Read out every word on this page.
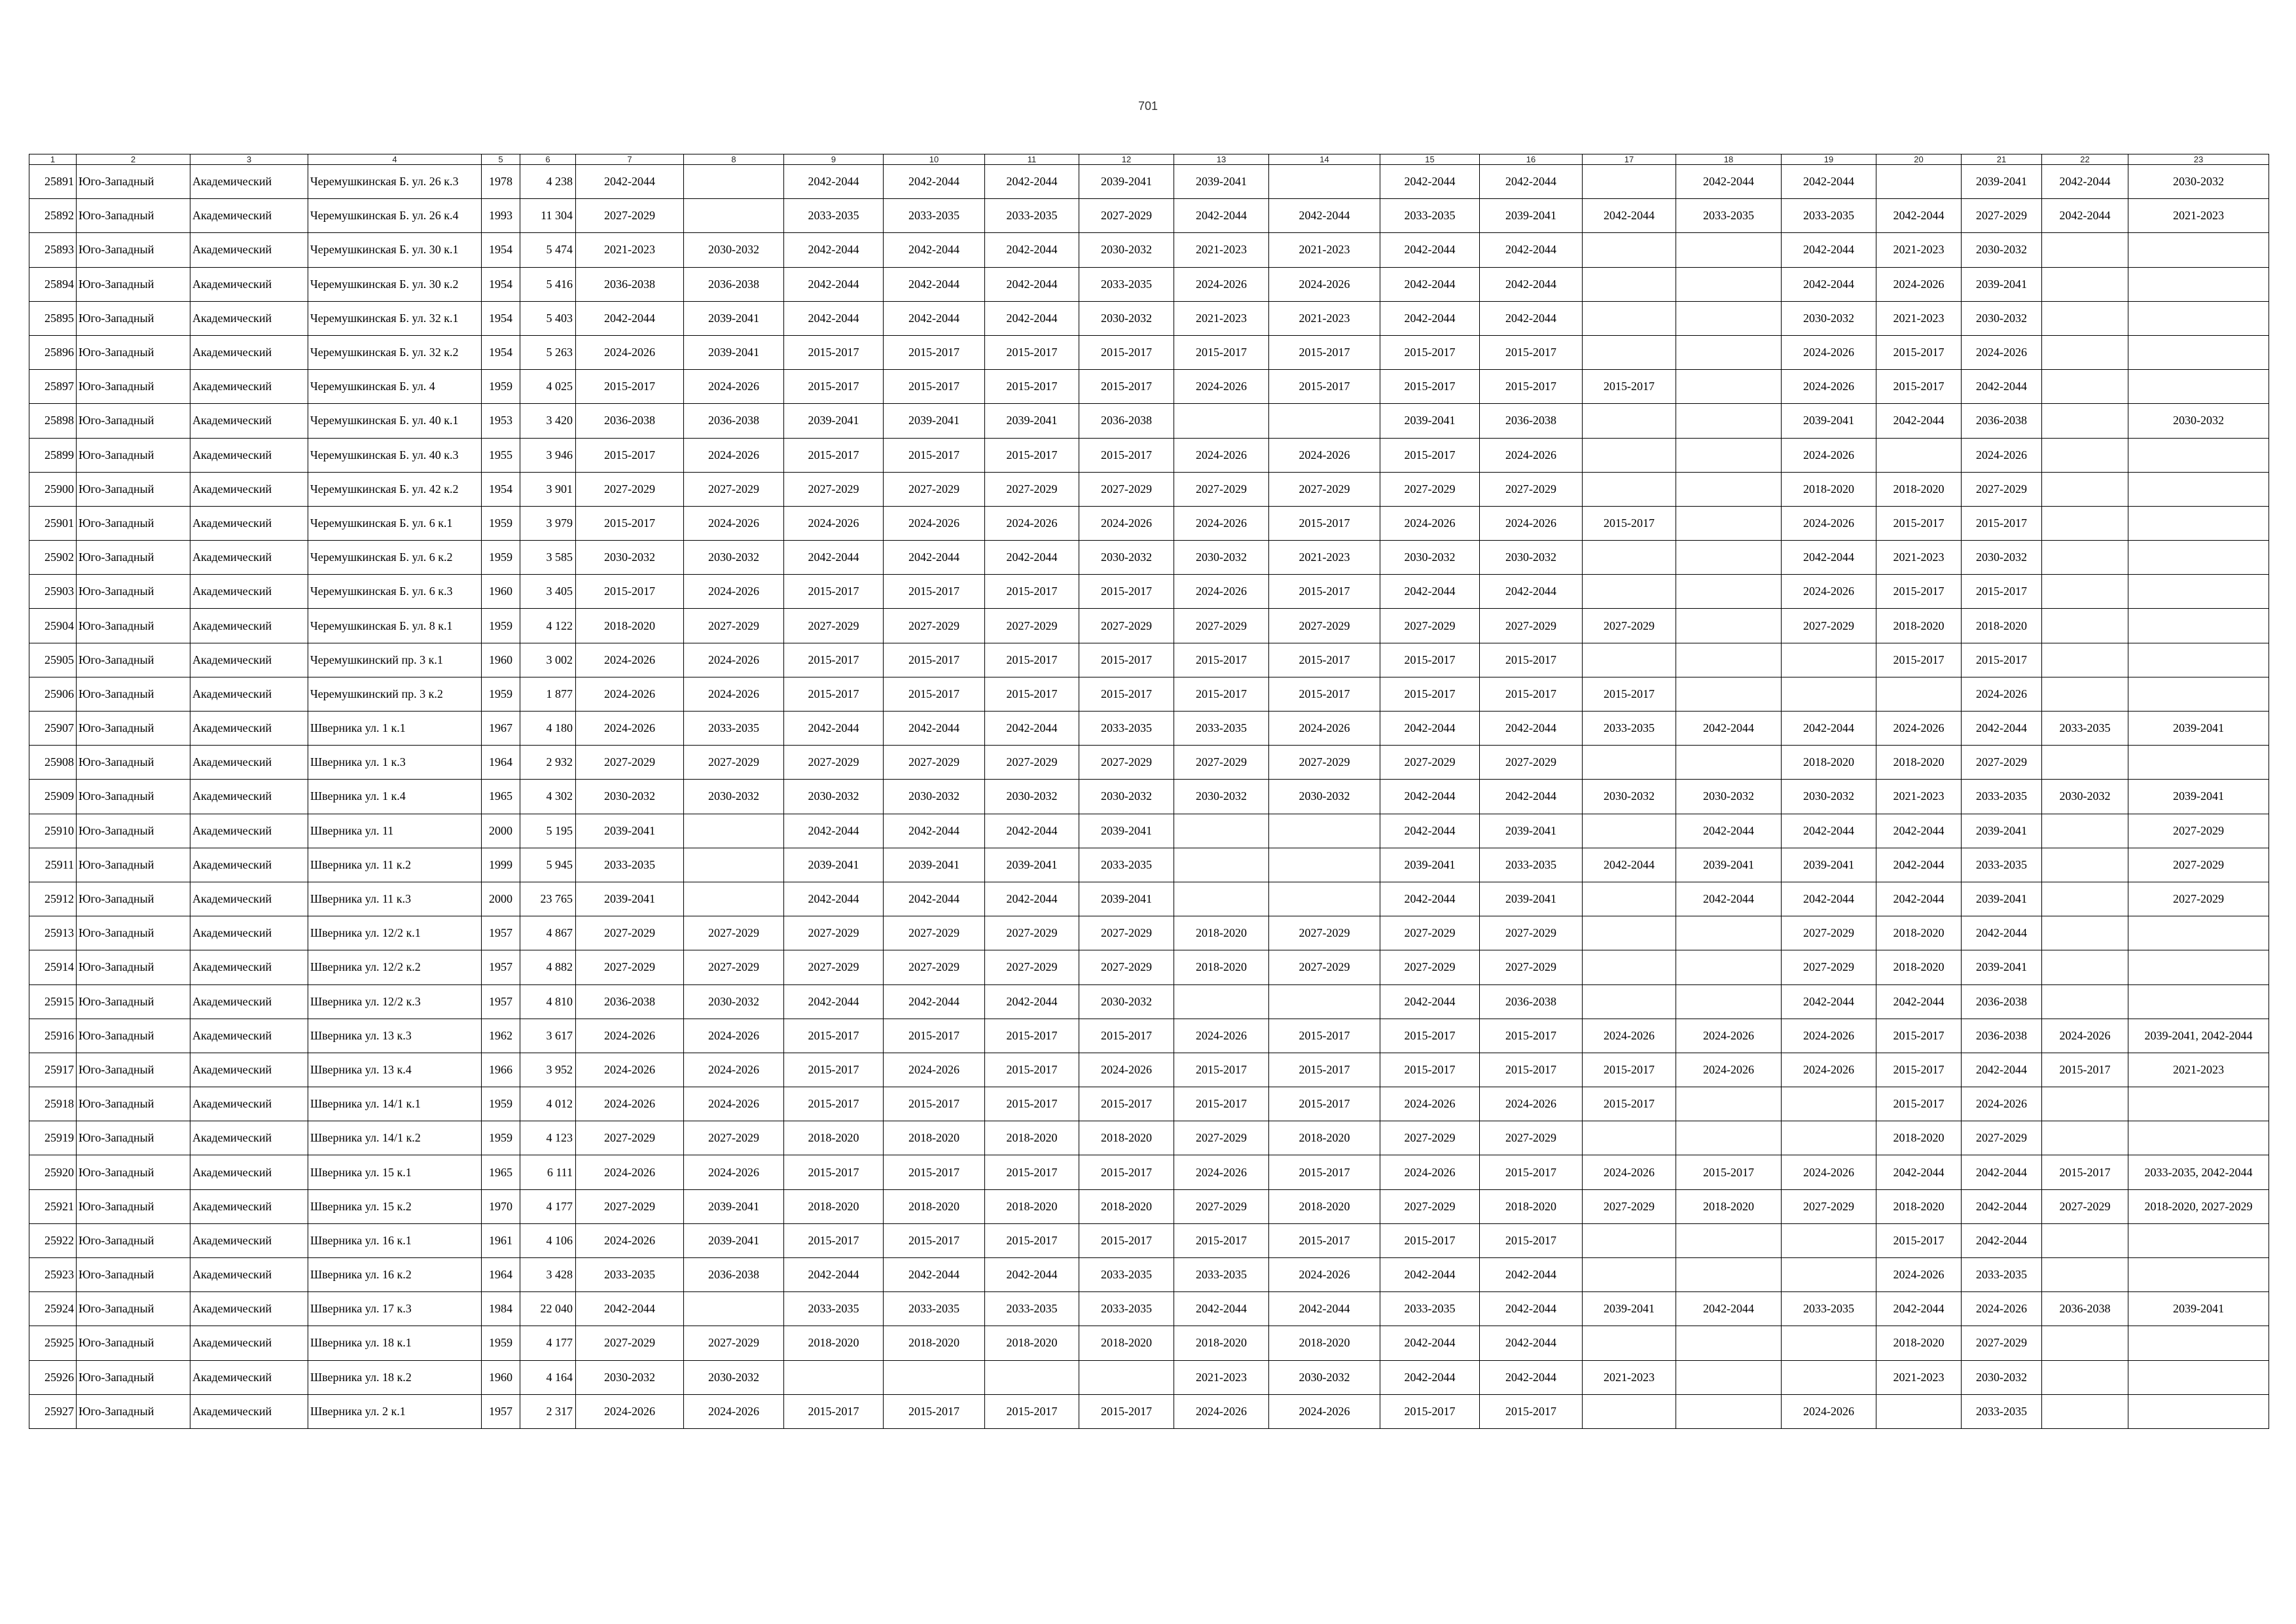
701
1	2	3	4	5	6	7	8	9	10	11	12	13	14	15	16	17	18	19	20	21	22	23
25891	Юго-Западный	Академический	Черемушкинская Б. ул. 26 к.3	1978	4 238	2042-2044		2042-2044	2042-2044	2042-2044	2039-2041	2039-2041		2042-2044	2042-2044		2042-2044	2042-2044		2039-2041	2042-2044	2030-2032
25892	Юго-Западный	Академический	Черемушкинская Б. ул. 26 к.4	1993	11 304	2027-2029		2033-2035	2033-2035	2033-2035	2027-2029	2042-2044	2042-2044	2033-2035	2039-2041	2042-2044	2033-2035	2033-2035	2042-2044	2027-2029	2042-2044	2021-2023
25893	Юго-Западный	Академический	Черемушкинская Б. ул. 30 к.1	1954	5 474	2021-2023	2030-2032	2042-2044	2042-2044	2042-2044	2030-2032	2021-2023	2021-2023	2042-2044	2042-2044			2042-2044	2021-2023	2030-2032		
25894	Юго-Западный	Академический	Черемушкинская Б. ул. 30 к.2	1954	5 416	2036-2038	2036-2038	2042-2044	2042-2044	2042-2044	2033-2035	2024-2026	2024-2026	2042-2044	2042-2044			2042-2044	2024-2026	2039-2041		
25895	Юго-Западный	Академический	Черемушкинская Б. ул. 32 к.1	1954	5 403	2042-2044	2039-2041	2042-2044	2042-2044	2042-2044	2030-2032	2021-2023	2021-2023	2042-2044	2042-2044			2030-2032	2021-2023	2030-2032		
25896	Юго-Западный	Академический	Черемушкинская Б. ул. 32 к.2	1954	5 263	2024-2026	2039-2041	2015-2017	2015-2017	2015-2017	2015-2017	2015-2017	2015-2017	2015-2017	2015-2017			2024-2026	2015-2017	2024-2026		
25897	Юго-Западный	Академический	Черемушкинская Б. ул. 4	1959	4 025	2015-2017	2024-2026	2015-2017	2015-2017	2015-2017	2015-2017	2024-2026	2015-2017	2015-2017	2015-2017	2015-2017		2024-2026	2015-2017	2042-2044		
25898	Юго-Западный	Академический	Черемушкинская Б. ул. 40 к.1	1953	3 420	2036-2038	2036-2038	2039-2041	2039-2041	2039-2041	2036-2038			2039-2041	2036-2038			2039-2041	2042-2044	2036-2038		2030-2032
25899	Юго-Западный	Академический	Черемушкинская Б. ул. 40 к.3	1955	3 946	2015-2017	2024-2026	2015-2017	2015-2017	2015-2017	2015-2017	2024-2026	2024-2026	2015-2017	2024-2026			2024-2026		2024-2026		
25900	Юго-Западный	Академический	Черемушкинская Б. ул. 42 к.2	1954	3 901	2027-2029	2027-2029	2027-2029	2027-2029	2027-2029	2027-2029	2027-2029	2027-2029	2027-2029	2027-2029			2018-2020	2018-2020	2027-2029		
25901	Юго-Западный	Академический	Черемушкинская Б. ул. 6 к.1	1959	3 979	2015-2017	2024-2026	2024-2026	2024-2026	2024-2026	2024-2026	2024-2026	2015-2017	2024-2026	2024-2026	2015-2017		2024-2026	2015-2017	2015-2017		
25902	Юго-Западный	Академический	Черемушкинская Б. ул. 6 к.2	1959	3 585	2030-2032	2030-2032	2042-2044	2042-2044	2042-2044	2030-2032	2030-2032	2021-2023	2030-2032	2030-2032			2042-2044	2021-2023	2030-2032		
25903	Юго-Западный	Академический	Черемушкинская Б. ул. 6 к.3	1960	3 405	2015-2017	2024-2026	2015-2017	2015-2017	2015-2017	2015-2017	2024-2026	2015-2017	2042-2044	2042-2044			2024-2026	2015-2017	2015-2017		
25904	Юго-Западный	Академический	Черемушкинская Б. ул. 8 к.1	1959	4 122	2018-2020	2027-2029	2027-2029	2027-2029	2027-2029	2027-2029	2027-2029	2027-2029	2027-2029	2027-2029	2027-2029		2027-2029	2018-2020	2018-2020		
25905	Юго-Западный	Академический	Черемушкинский пр. 3 к.1	1960	3 002	2024-2026	2024-2026	2015-2017	2015-2017	2015-2017	2015-2017	2015-2017	2015-2017	2015-2017	2015-2017				2015-2017	2015-2017		
25906	Юго-Западный	Академический	Черемушкинский пр. 3 к.2	1959	1 877	2024-2026	2024-2026	2015-2017	2015-2017	2015-2017	2015-2017	2015-2017	2015-2017	2015-2017	2015-2017	2015-2017				2024-2026		
25907	Юго-Западный	Академический	Шверника ул. 1 к.1	1967	4 180	2024-2026	2033-2035	2042-2044	2042-2044	2042-2044	2033-2035	2033-2035	2024-2026	2042-2044	2042-2044	2033-2035	2042-2044	2042-2044	2024-2026	2042-2044	2033-2035	2039-2041
25908	Юго-Западный	Академический	Шверника ул. 1 к.3	1964	2 932	2027-2029	2027-2029	2027-2029	2027-2029	2027-2029	2027-2029	2027-2029	2027-2029	2027-2029	2027-2029			2018-2020	2018-2020	2027-2029		
25909	Юго-Западный	Академический	Шверника ул. 1 к.4	1965	4 302	2030-2032	2030-2032	2030-2032	2030-2032	2030-2032	2030-2032	2030-2032	2030-2032	2042-2044	2042-2044	2030-2032	2030-2032	2030-2032	2021-2023	2033-2035	2030-2032	2039-2041
25910	Юго-Западный	Академический	Шверника ул. 11	2000	5 195	2039-2041		2042-2044	2042-2044	2042-2044	2039-2041			2042-2044	2039-2041		2042-2044	2042-2044	2042-2044	2039-2041		2027-2029
25911	Юго-Западный	Академический	Шверника ул. 11 к.2	1999	5 945	2033-2035		2039-2041	2039-2041	2039-2041	2033-2035			2039-2041	2033-2035	2042-2044	2039-2041	2039-2041	2042-2044	2033-2035		2027-2029
25912	Юго-Западный	Академический	Шверника ул. 11 к.3	2000	23 765	2039-2041		2042-2044	2042-2044	2042-2044	2039-2041			2042-2044	2039-2041		2042-2044	2042-2044	2042-2044	2039-2041		2027-2029
25913	Юго-Западный	Академический	Шверника ул. 12/2 к.1	1957	4 867	2027-2029	2027-2029	2027-2029	2027-2029	2027-2029	2027-2029	2018-2020	2027-2029	2027-2029	2027-2029			2027-2029	2018-2020	2042-2044		
25914	Юго-Западный	Академический	Шверника ул. 12/2 к.2	1957	4 882	2027-2029	2027-2029	2027-2029	2027-2029	2027-2029	2027-2029	2018-2020	2027-2029	2027-2029	2027-2029			2027-2029	2018-2020	2039-2041		
25915	Юго-Западный	Академический	Шверника ул. 12/2 к.3	1957	4 810	2036-2038	2030-2032	2042-2044	2042-2044	2042-2044	2030-2032			2042-2044	2036-2038			2042-2044	2042-2044	2036-2038		
25916	Юго-Западный	Академический	Шверника ул. 13 к.3	1962	3 617	2024-2026	2024-2026	2015-2017	2015-2017	2015-2017	2015-2017	2024-2026	2015-2017	2015-2017	2015-2017	2024-2026	2024-2026	2024-2026	2015-2017	2036-2038	2024-2026	2039-2041, 2042-2044
25917	Юго-Западный	Академический	Шверника ул. 13 к.4	1966	3 952	2024-2026	2024-2026	2015-2017	2024-2026	2015-2017	2024-2026	2015-2017	2015-2017	2015-2017	2015-2017	2015-2017	2024-2026	2024-2026	2015-2017	2042-2044	2015-2017	2021-2023
25918	Юго-Западный	Академический	Шверника ул. 14/1 к.1	1959	4 012	2024-2026	2024-2026	2015-2017	2015-2017	2015-2017	2015-2017	2015-2017	2015-2017	2024-2026	2024-2026	2015-2017			2015-2017	2024-2026		
25919	Юго-Западный	Академический	Шверника ул. 14/1 к.2	1959	4 123	2027-2029	2027-2029	2018-2020	2018-2020	2018-2020	2018-2020	2027-2029	2018-2020	2027-2029	2027-2029				2018-2020	2027-2029		
25920	Юго-Западный	Академический	Шверника ул. 15 к.1	1965	6 111	2024-2026	2024-2026	2015-2017	2015-2017	2015-2017	2015-2017	2024-2026	2015-2017	2024-2026	2015-2017	2024-2026	2015-2017	2024-2026	2042-2044	2042-2044	2015-2017	2033-2035, 2042-2044
25921	Юго-Западный	Академический	Шверника ул. 15 к.2	1970	4 177	2027-2029	2039-2041	2018-2020	2018-2020	2018-2020	2018-2020	2027-2029	2018-2020	2027-2029	2018-2020	2027-2029	2018-2020	2027-2029	2018-2020	2042-2044	2027-2029	2018-2020, 2027-2029
25922	Юго-Западный	Академический	Шверника ул. 16 к.1	1961	4 106	2024-2026	2039-2041	2015-2017	2015-2017	2015-2017	2015-2017	2015-2017	2015-2017	2015-2017	2015-2017				2015-2017	2042-2044		
25923	Юго-Западный	Академический	Шверника ул. 16 к.2	1964	3 428	2033-2035	2036-2038	2042-2044	2042-2044	2042-2044	2033-2035	2033-2035	2024-2026	2042-2044	2042-2044				2024-2026	2033-2035		
25924	Юго-Западный	Академический	Шверника ул. 17 к.3	1984	22 040	2042-2044		2033-2035	2033-2035	2033-2035	2033-2035	2042-2044	2042-2044	2033-2035	2042-2044	2039-2041	2042-2044	2033-2035	2042-2044	2024-2026	2036-2038	2039-2041
25925	Юго-Западный	Академический	Шверника ул. 18 к.1	1959	4 177	2027-2029	2027-2029	2018-2020	2018-2020	2018-2020	2018-2020	2018-2020	2018-2020	2042-2044	2042-2044				2018-2020	2027-2029		
25926	Юго-Западный	Академический	Шверника ул. 18 к.2	1960	4 164	2030-2032	2030-2032					2021-2023	2030-2032	2042-2044	2042-2044	2021-2023			2021-2023	2030-2032		
25927	Юго-Западный	Академический	Шверника ул. 2 к.1	1957	2 317	2024-2026	2024-2026	2015-2017	2015-2017	2015-2017	2015-2017	2024-2026	2024-2026	2015-2017	2015-2017			2024-2026		2033-2035		
